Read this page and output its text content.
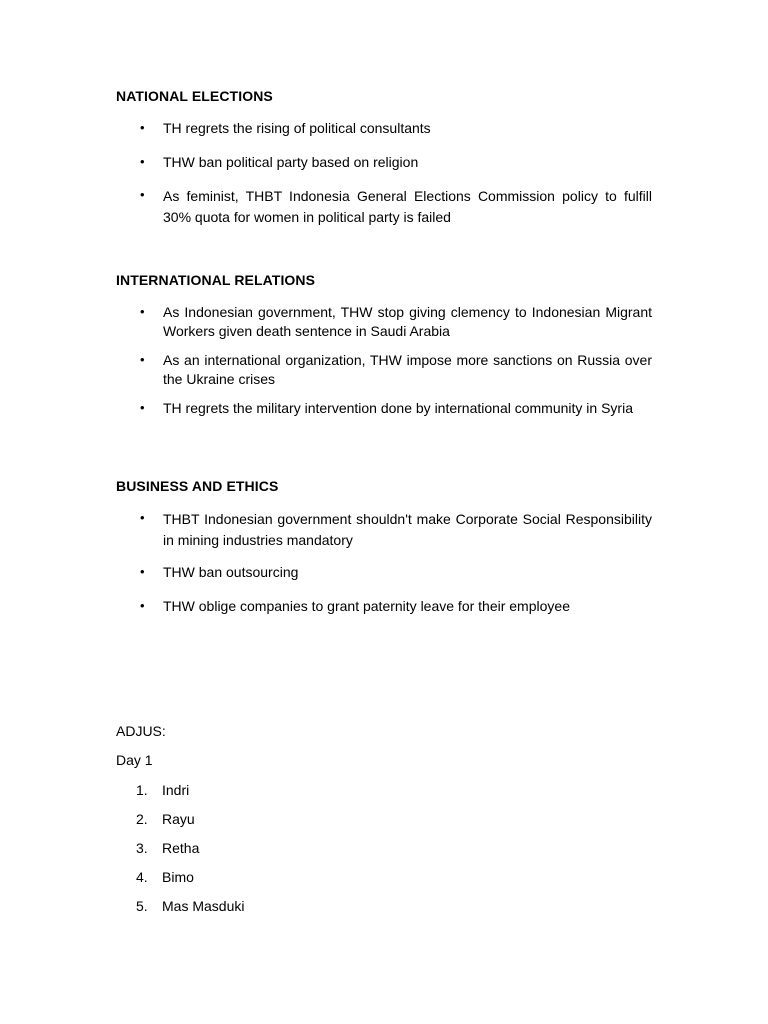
NATIONAL ELECTIONS
•	TH regrets the rising of political consultants
•	THW ban political party based on religion
•	As feminist, THBT Indonesia General Elections Commission policy to fulfill 30% quota for women in political party is failed
INTERNATIONAL RELATIONS
•	As Indonesian government, THW stop giving clemency to Indonesian Migrant Workers given death sentence in Saudi Arabia
•	As an international organization, THW impose more sanctions on Russia over the Ukraine crises
•	TH regrets the military intervention done by international community in Syria
BUSINESS AND ETHICS
•	THBT Indonesian government shouldn't make Corporate Social Responsibility in mining industries mandatory
•	THW ban outsourcing
•	THW oblige companies to grant paternity leave for their employee
ADJUS:
Day 1
1. Indri
2. Rayu
3. Retha
4. Bimo
5. Mas Masduki
